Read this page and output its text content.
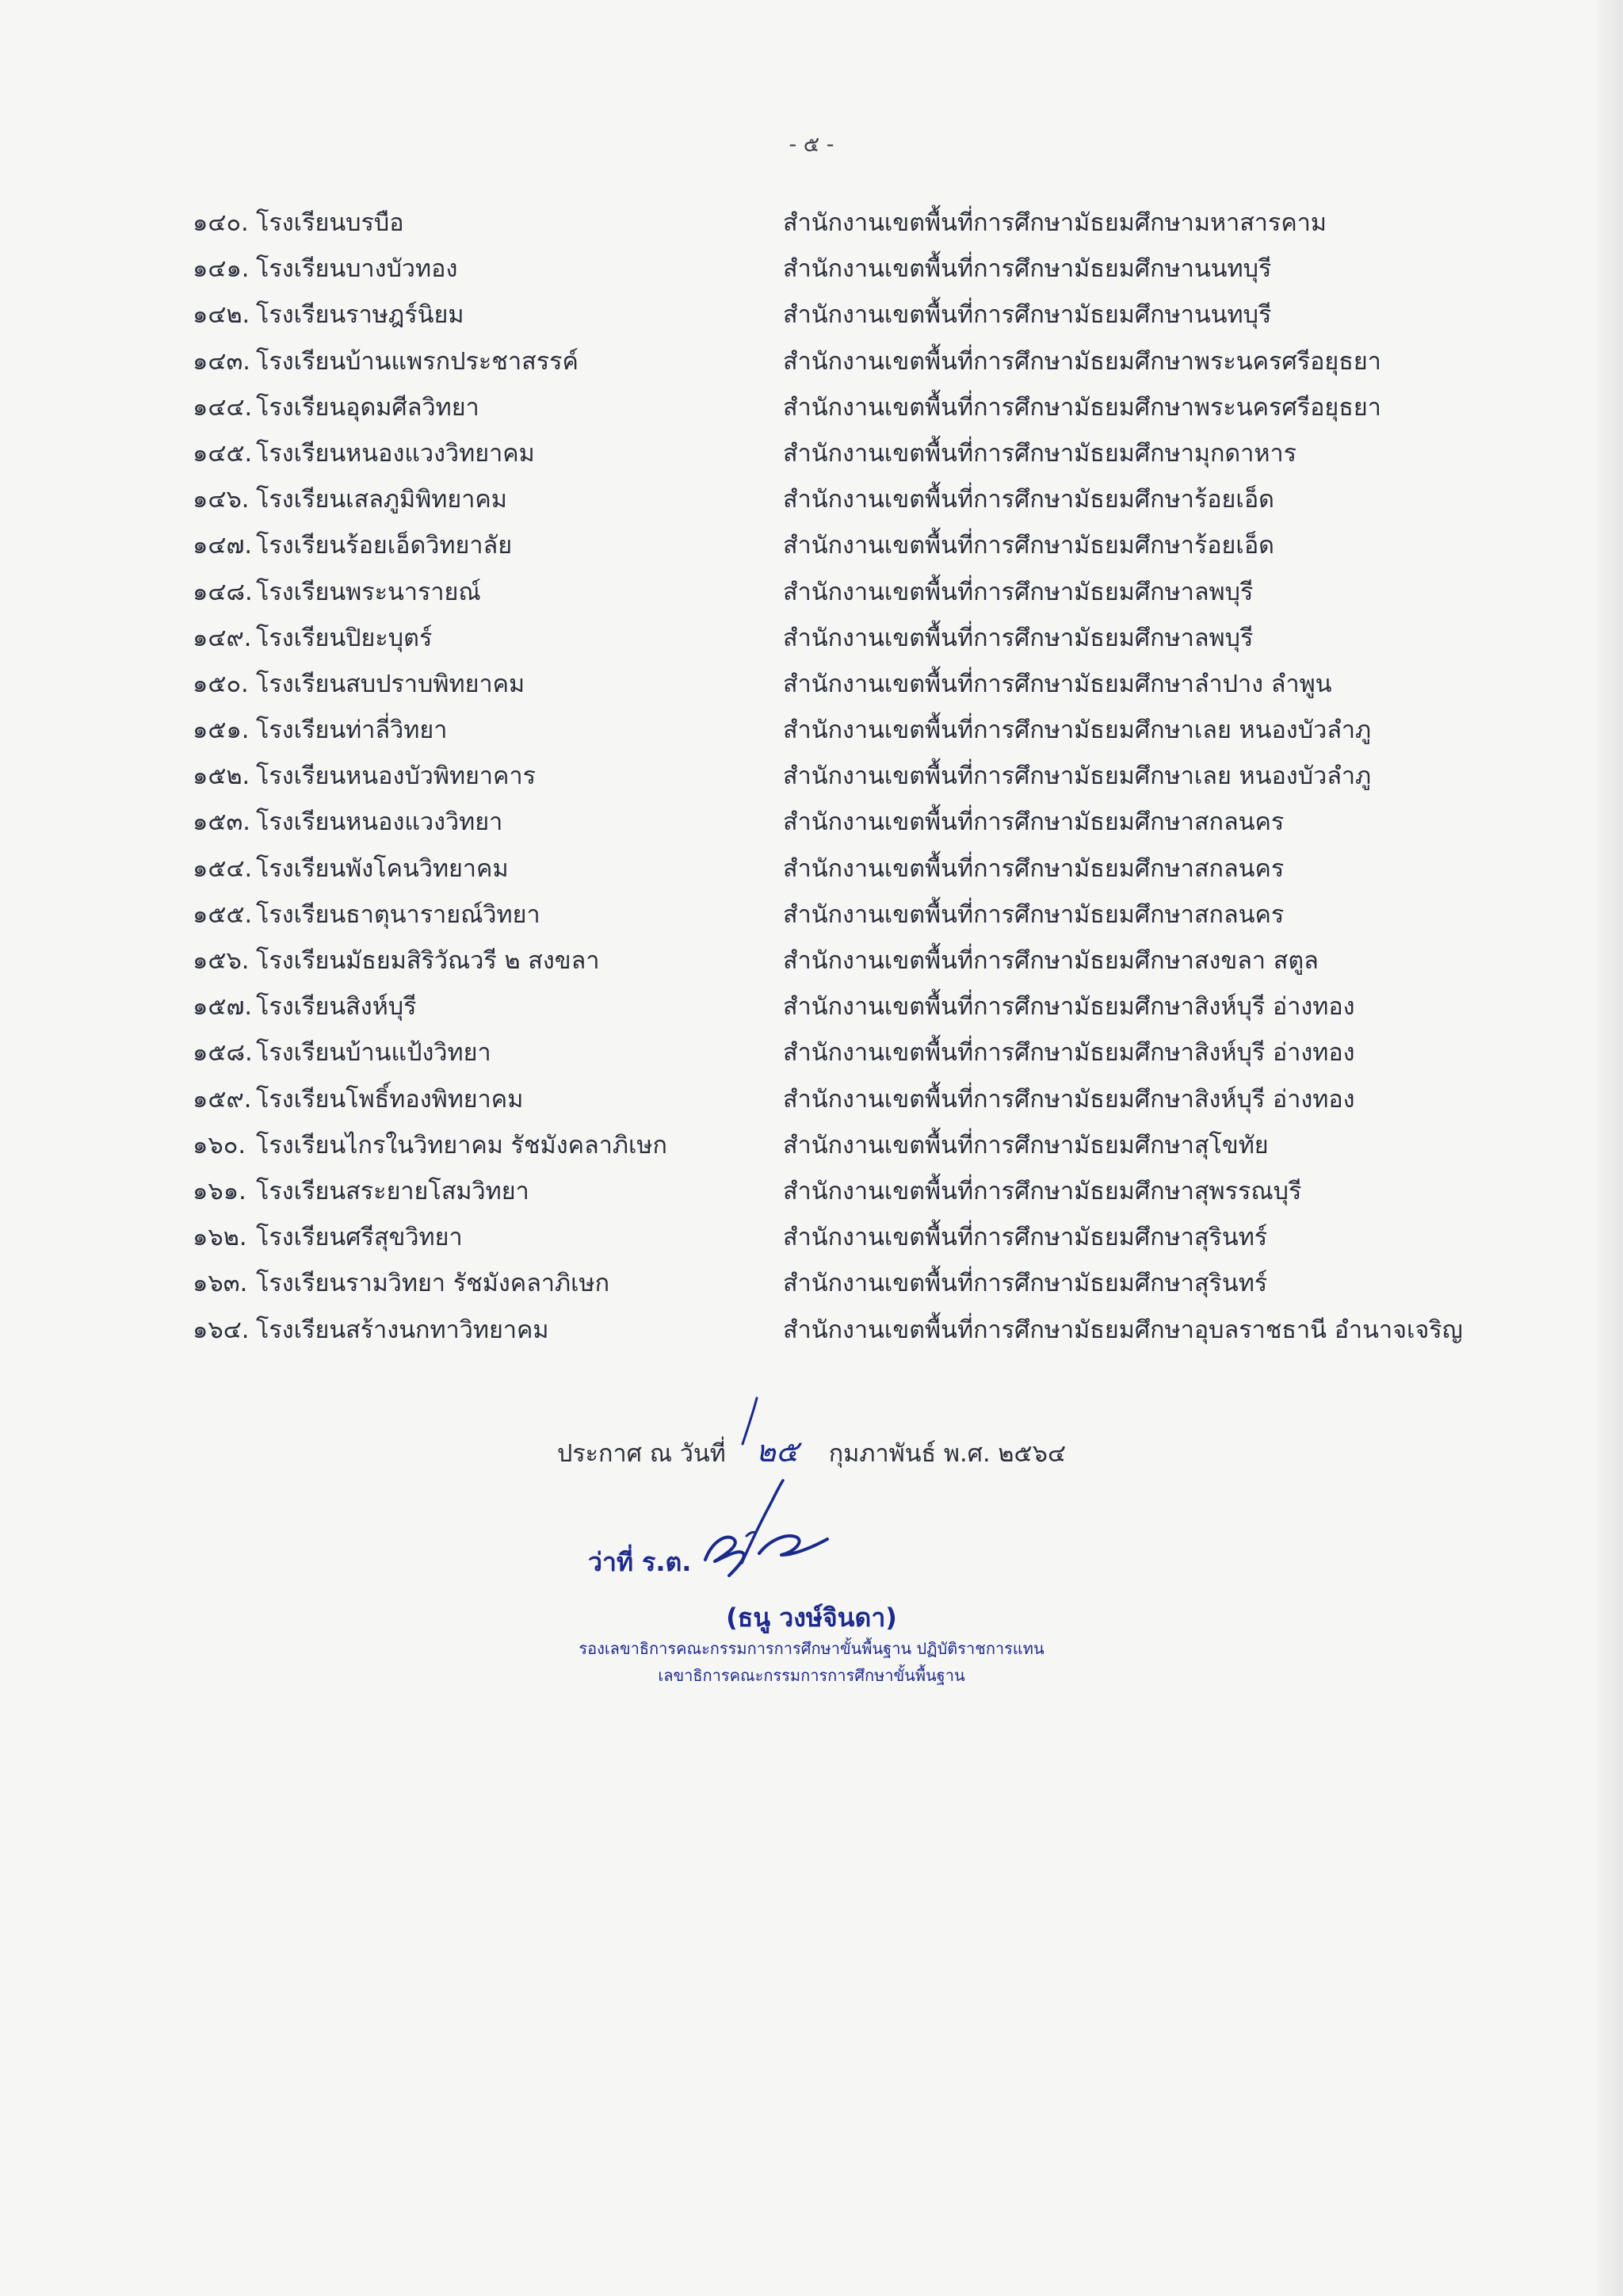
- ๕ -
๑๔๐. โรงเรียนบรบือ	สำนักงานเขตพื้นที่การศึกษามัธยมศึกษามหาสารคาม
๑๔๑. โรงเรียนบางบัวทอง	สำนักงานเขตพื้นที่การศึกษามัธยมศึกษานนทบุรี
๑๔๒. โรงเรียนราษฎร์นิยม	สำนักงานเขตพื้นที่การศึกษามัธยมศึกษานนทบุรี
๑๔๓. โรงเรียนบ้านแพรกประชาสรรค์	สำนักงานเขตพื้นที่การศึกษามัธยมศึกษาพระนครศรีอยุธยา
๑๔๔. โรงเรียนอุดมศีลวิทยา	สำนักงานเขตพื้นที่การศึกษามัธยมศึกษาพระนครศรีอยุธยา
๑๔๕. โรงเรียนหนองแวงวิทยาคม	สำนักงานเขตพื้นที่การศึกษามัธยมศึกษามุกดาหาร
๑๔๖. โรงเรียนเสลภูมิพิทยาคม	สำนักงานเขตพื้นที่การศึกษามัธยมศึกษาร้อยเอ็ด
๑๔๗. โรงเรียนร้อยเอ็ดวิทยาลัย	สำนักงานเขตพื้นที่การศึกษามัธยมศึกษาร้อยเอ็ด
๑๔๘. โรงเรียนพระนารายณ์	สำนักงานเขตพื้นที่การศึกษามัธยมศึกษาลพบุรี
๑๔๙. โรงเรียนปิยะบุตร์	สำนักงานเขตพื้นที่การศึกษามัธยมศึกษาลพบุรี
๑๕๐. โรงเรียนสบปราบพิทยาคม	สำนักงานเขตพื้นที่การศึกษามัธยมศึกษาลำปาง ลำพูน
๑๕๑. โรงเรียนท่าลี่วิทยา	สำนักงานเขตพื้นที่การศึกษามัธยมศึกษาเลย หนองบัวลำภู
๑๕๒. โรงเรียนหนองบัวพิทยาคาร	สำนักงานเขตพื้นที่การศึกษามัธยมศึกษาเลย หนองบัวลำภู
๑๕๓. โรงเรียนหนองแวงวิทยา	สำนักงานเขตพื้นที่การศึกษามัธยมศึกษาสกลนคร
๑๕๔. โรงเรียนพังโคนวิทยาคม	สำนักงานเขตพื้นที่การศึกษามัธยมศึกษาสกลนคร
๑๕๕. โรงเรียนธาตุนารายณ์วิทยา	สำนักงานเขตพื้นที่การศึกษามัธยมศึกษาสกลนคร
๑๕๖. โรงเรียนมัธยมสิริวัณวรี ๒ สงขลา	สำนักงานเขตพื้นที่การศึกษามัธยมศึกษาสงขลา สตูล
๑๕๗. โรงเรียนสิงห์บุรี	สำนักงานเขตพื้นที่การศึกษามัธยมศึกษาสิงห์บุรี อ่างทอง
๑๕๘. โรงเรียนบ้านแป้งวิทยา	สำนักงานเขตพื้นที่การศึกษามัธยมศึกษาสิงห์บุรี อ่างทอง
๑๕๙. โรงเรียนโพธิ์ทองพิทยาคม	สำนักงานเขตพื้นที่การศึกษามัธยมศึกษาสิงห์บุรี อ่างทอง
๑๖๐. โรงเรียนไกรในวิทยาคม รัชมังคลาภิเษก	สำนักงานเขตพื้นที่การศึกษามัธยมศึกษาสุโขทัย
๑๖๑. โรงเรียนสระยายโสมวิทยา	สำนักงานเขตพื้นที่การศึกษามัธยมศึกษาสุพรรณบุรี
๑๖๒. โรงเรียนศรีสุขวิทยา	สำนักงานเขตพื้นที่การศึกษามัธยมศึกษาสุรินทร์
๑๖๓. โรงเรียนรามวิทยา รัชมังคลาภิเษก	สำนักงานเขตพื้นที่การศึกษามัธยมศึกษาสุรินทร์
๑๖๔. โรงเรียนสร้างนกทาวิทยาคม	สำนักงานเขตพื้นที่การศึกษามัธยมศึกษาอุบลราชธานี อำนาจเจริญ
ประกาศ ณ วันที่ ๒๕ กุมภาพันธ์ พ.ศ. ๒๕๖๔
ว่าที่ ร.ต.
(ธนู วงษ์จินดา)
รองเลขาธิการคณะกรรมการการศึกษาขั้นพื้นฐาน ปฏิบัติราชการแทน
เลขาธิการคณะกรรมการการศึกษาขั้นพื้นฐาน
